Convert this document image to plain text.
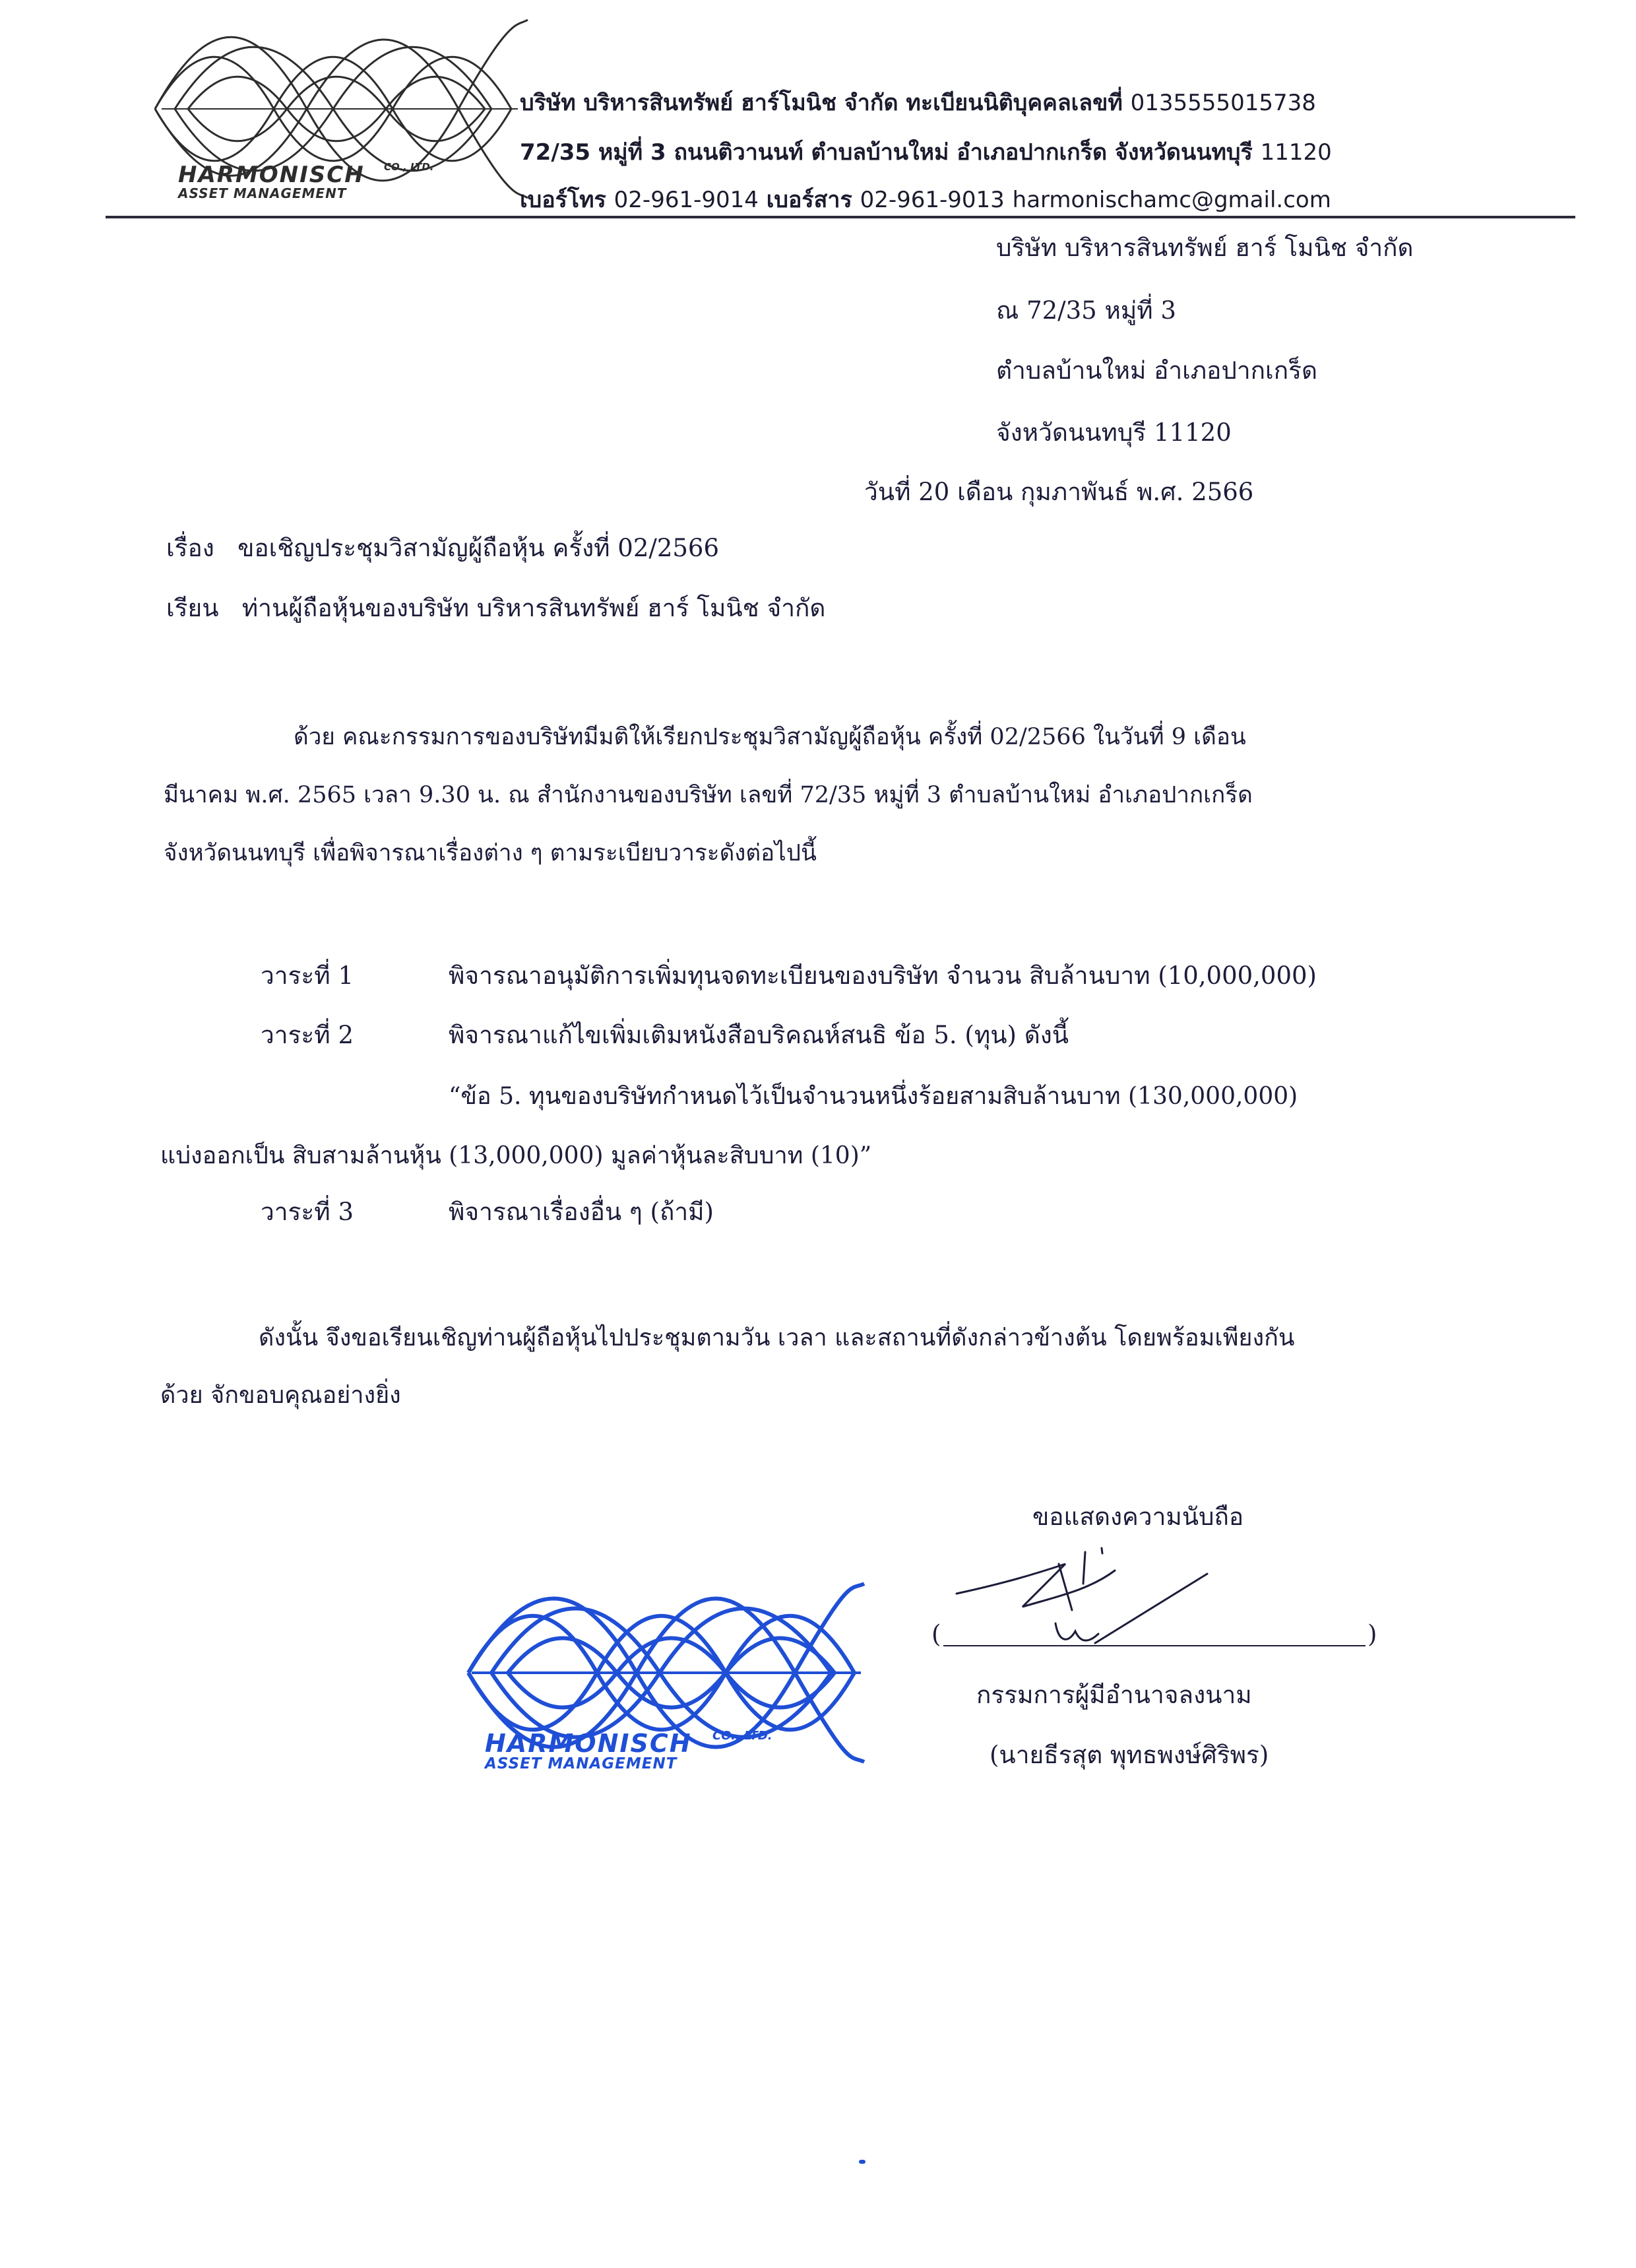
HARMONISCH CO., LTD.
ASSET MANAGEMENT
บริษัท บริหารสินทรัพย์ ฮาร์โมนิช จำกัด ทะเบียนนิติบุคคลเลขที่ 0135555015738
72/35 หมู่ที่ 3 ถนนติวานนท์ ตำบลบ้านใหม่ อำเภอปากเกร็ด จังหวัดนนทบุรี 11120
เบอร์โทร 02-961-9014 เบอร์สาร 02-961-9013 harmonischamc@gmail.com
บริษัท บริหารสินทรัพย์ ฮาร์ โมนิช จำกัด
ณ 72/35 หมู่ที่ 3
ตำบลบ้านใหม่ อำเภอปากเกร็ด
จังหวัดนนทบุรี 11120
วันที่ 20 เดือน กุมภาพันธ์ พ.ศ. 2566
เรื่อง ขอเชิญประชุมวิสามัญผู้ถือหุ้น ครั้งที่ 02/2566
เรียน ท่านผู้ถือหุ้นของบริษัท บริหารสินทรัพย์ ฮาร์ โมนิช จำกัด
ด้วย คณะกรรมการของบริษัทมีมติให้เรียกประชุมวิสามัญผู้ถือหุ้น ครั้งที่ 02/2566 ในวันที่ 9 เดือน
มีนาคม พ.ศ. 2565 เวลา 9.30 น. ณ สำนักงานของบริษัท เลขที่ 72/35 หมู่ที่ 3 ตำบลบ้านใหม่ อำเภอปากเกร็ด
จังหวัดนนทบุรี เพื่อพิจารณาเรื่องต่าง ๆ ตามระเบียบวาระดังต่อไปนี้
วาระที่ 1	พิจารณาอนุมัติการเพิ่มทุนจดทะเบียนของบริษัท จำนวน สิบล้านบาท (10,000,000)
วาระที่ 2	พิจารณาแก้ไขเพิ่มเติมหนังสือบริคณห์สนธิ ข้อ 5. (ทุน) ดังนี้
“ข้อ 5. ทุนของบริษัทกำหนดไว้เป็นจำนวนหนึ่งร้อยสามสิบล้านบาท (130,000,000)
แบ่งออกเป็น สิบสามล้านหุ้น (13,000,000) มูลค่าหุ้นละสิบบาท (10)”
วาระที่ 3	พิจารณาเรื่องอื่น ๆ (ถ้ามี)
ดังนั้น จึงขอเรียนเชิญท่านผู้ถือหุ้นไปประชุมตามวัน เวลา และสถานที่ดังกล่าวข้างต้น โดยพร้อมเพียงกัน
ด้วย จักขอบคุณอย่างยิ่ง
ขอแสดงความนับถือ
(	)
กรรมการผู้มีอำนาจลงนาม
(นายธีรสุต พุทธพงษ์ศิริพร)
HARMONISCH CO., LTD.
ASSET MANAGEMENT
